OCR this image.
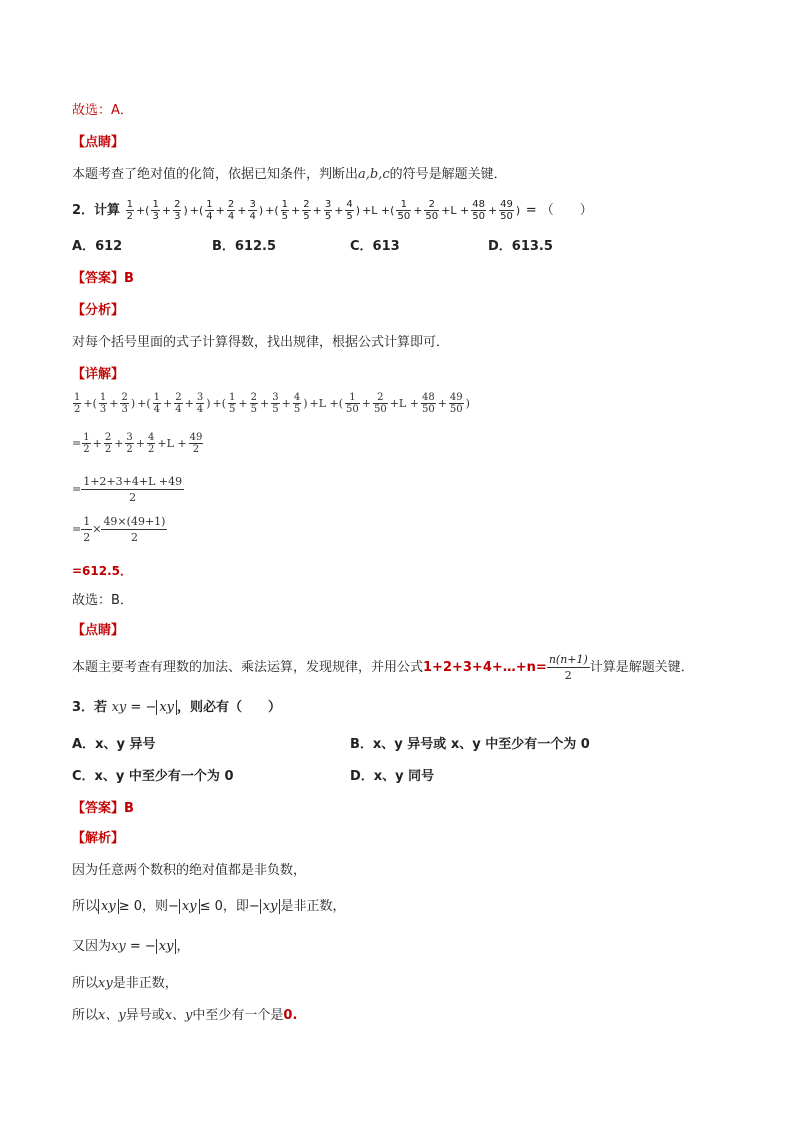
故选：A．
【点睛】
本题考查了绝对值的化简，依据已知条件，判断出a,b,c的符号是解题关键．
2．计算 $\frac{1}{2}$ +( $\frac{1}{3} + \frac{2}{3}$ ) +( $\frac{1}{4} + \frac{2}{4} + \frac{3}{4}$ ) +( $\frac{1}{5} + \frac{2}{5} + \frac{3}{5} + \frac{4}{5}$ ) +L +( $\frac{1}{50} + \frac{2}{50} +L + \frac{48}{50} + \frac{49}{50}$ ) = （　　）
A．612	B．612.5	C．613	D．613.5
【答案】B
【分析】
对每个括号里面的式子计算得数，找出规律，根据公式计算即可．
【详解】
$\frac{1}{2}$ +( $\frac{1}{3} + \frac{2}{3}$ ) +( $\frac{1}{4} + \frac{2}{4} + \frac{3}{4}$ ) +( $\frac{1}{5} + \frac{2}{5} + \frac{3}{5} + \frac{4}{5}$ ) +L +( $\frac{1}{50} + \frac{2}{50} +L + \frac{48}{50} + \frac{49}{50}$ )
= $\frac{1}{2} + \frac{2}{2} + \frac{3}{2} + \frac{4}{2} +L + \frac{49}{2}$
= $\frac{1+2+3+4+L +49}{2}$
= $\frac{1}{2} \times \frac{49\times(49+1)}{2}$
=612.5．
故选：B．
【点睛】
本题主要考查有理数的加法、乘法运算，发现规律，并用公式1+2+3+4+…+n= $\frac{n(n+1)}{2}$ 计算是解题关键．
3．若 xy = − xy ，则必有（　　）
A．x、y 异号	B．x、y 异号或 x、y 中至少有一个为 0
C．x、y 中至少有一个为 0	D．x、y 同号
【答案】B
【解析】
因为任意两个数积的绝对值都是非负数，
所以 xy ≥ 0，则− xy ≤ 0，即− xy 是非正数，
又因为xy = − xy ，
所以xy是非正数，
所以x、y异号或x、y中至少有一个是0.
